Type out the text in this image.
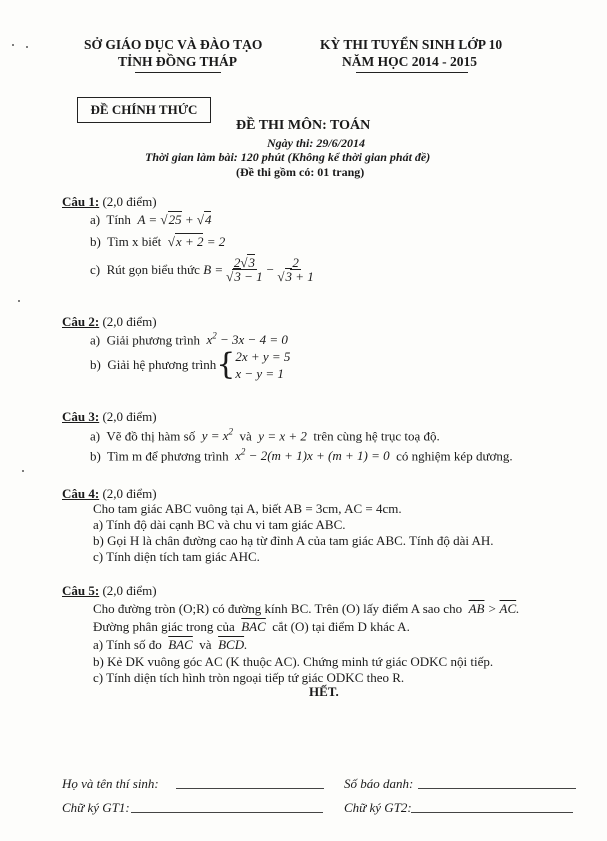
SỞ GIÁO DỤC VÀ ĐÀO TẠO
TỈNH ĐỒNG THÁP
KỲ THI TUYỂN SINH LỚP 10
NĂM HỌC 2014 - 2015
ĐỀ CHÍNH THỨC
ĐỀ THI MÔN: TOÁN
Ngày thi: 29/6/2014
Thời gian làm bài: 120 phút (Không kể thời gian phát đề)
(Đề thi gồm có: 01 trang)
Câu 1: (2,0 điểm)
a) Tính  A = √25 + √4
b) Tìm x biết  √x + 2 = 2
c)
Rút gọn biểu thức $B = \frac{2√3}{√3 - 1} - \frac{2}{√3 + 1}$
Câu 2: (2,0 điểm)
a) Giải phương trình  $x^2 - 3x - 4 = 0$
b)
Giải hệ phương trình { 2x + y = 5
x − y = 1
Câu 3: (2,0 điểm)
a) Vẽ đồ thị hàm số  $y = x^2$ và  y = x + 2  trên cùng hệ trục toạ độ.
b) Tìm m để phương trình  $x^2 - 2(m + 1)x + (m + 1) = 0$  có nghiệm kép dương.
Câu 4: (2,0 điểm)
Cho tam giác ABC vuông tại A, biết AB = 3cm, AC = 4cm.
a) Tính độ dài cạnh BC và chu vi tam giác ABC.
b) Gọi H là chân đường cao hạ từ đỉnh A của tam giác ABC. Tính độ dài AH.
c) Tính diện tích tam giác AHC.
Câu 5: (2,0 điểm)
Cho đường tròn (O;R) có đường kính BC. Trên (O) lấy điểm A sao cho $\overline{AB} > \overline{AC}$.
Đường phân giác trong của $\overline{BAC}$ cắt (O) tại điểm D khác A.
a) Tính số đo $\overline{BAC}$ và $\overline{BCD}$.
b) Kẻ DK vuông góc AC (K thuộc AC). Chứng minh tứ giác ODKC nội tiếp.
c) Tính diện tích hình tròn ngoại tiếp tứ giác ODKC theo R.
HẾT.
Họ và tên thí sinh:	Số báo danh:
Chữ ký GT1:	Chữ ký GT2:
